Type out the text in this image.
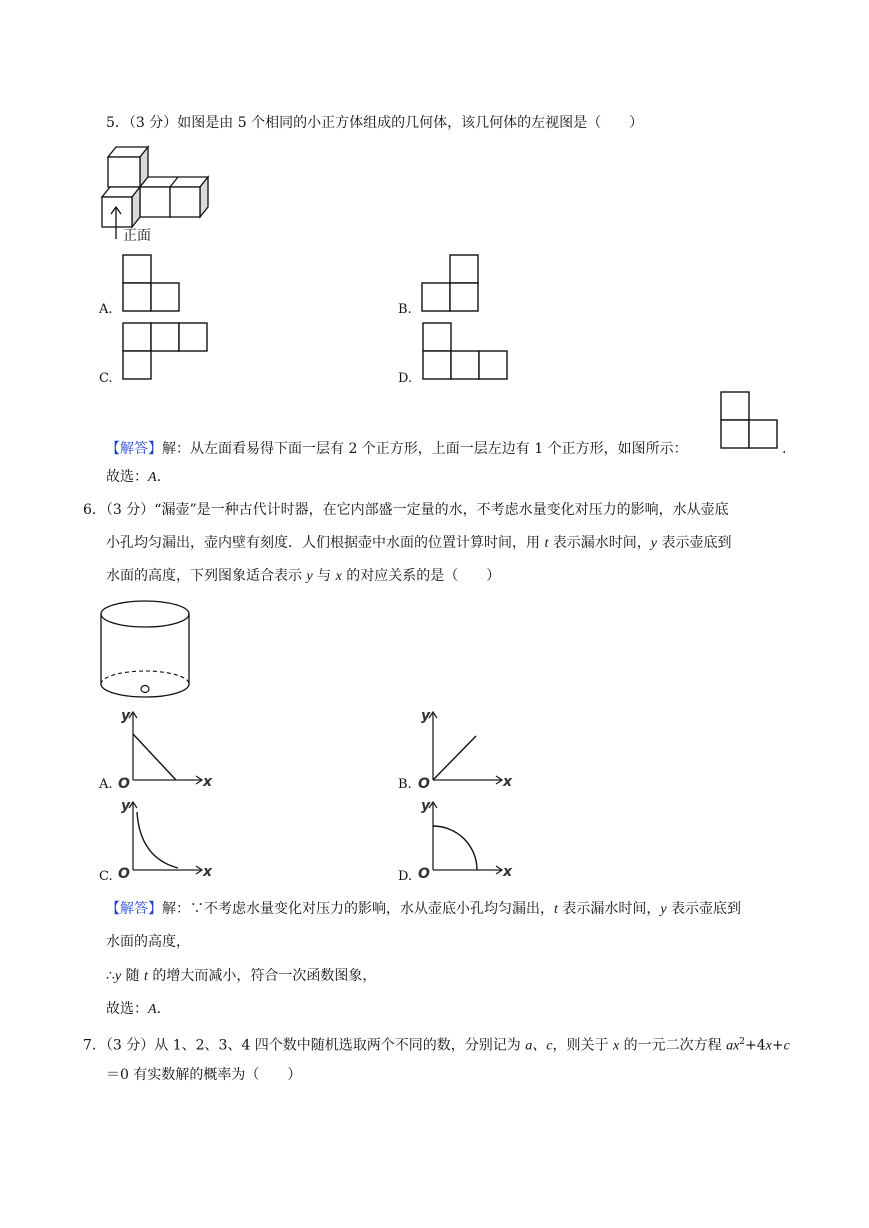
5．（3 分）如图是由 5 个相同的小正方体组成的几何体，该几何体的左视图是（　　）
正面
A.	B.
C.	D.
【解答】解：从左面看易得下面一层有 2 个正方形，上面一层左边有 1 个正方形，如图所示：	.
故选：A.
6．（3 分）“漏壶”是一种古代计时器，在它内部盛一定量的水，不考虑水量变化对压力的影响，水从壶底
小孔均匀漏出，壶内壁有刻度．人们根据壶中水面的位置计算时间，用 t 表示漏水时间，y 表示壶底到
水面的高度，下列图象适合表示 y 与 x 的对应关系的是（　　）
y
x
O
A.
y
x
O
B.
y
x
O
C.
y
x
O
D.
【解答】解：∵不考虑水量变化对压力的影响，水从壶底小孔均匀漏出，t 表示漏水时间，y 表示壶底到
水面的高度，
∴y 随 t 的增大而减小，符合一次函数图象，
故选：A.
7．（3 分）从 1、2、3、4 四个数中随机选取两个不同的数，分别记为 a、c，则关于 x 的一元二次方程 $ax^2+4x+c$
＝0 有实数解的概率为（　　）
